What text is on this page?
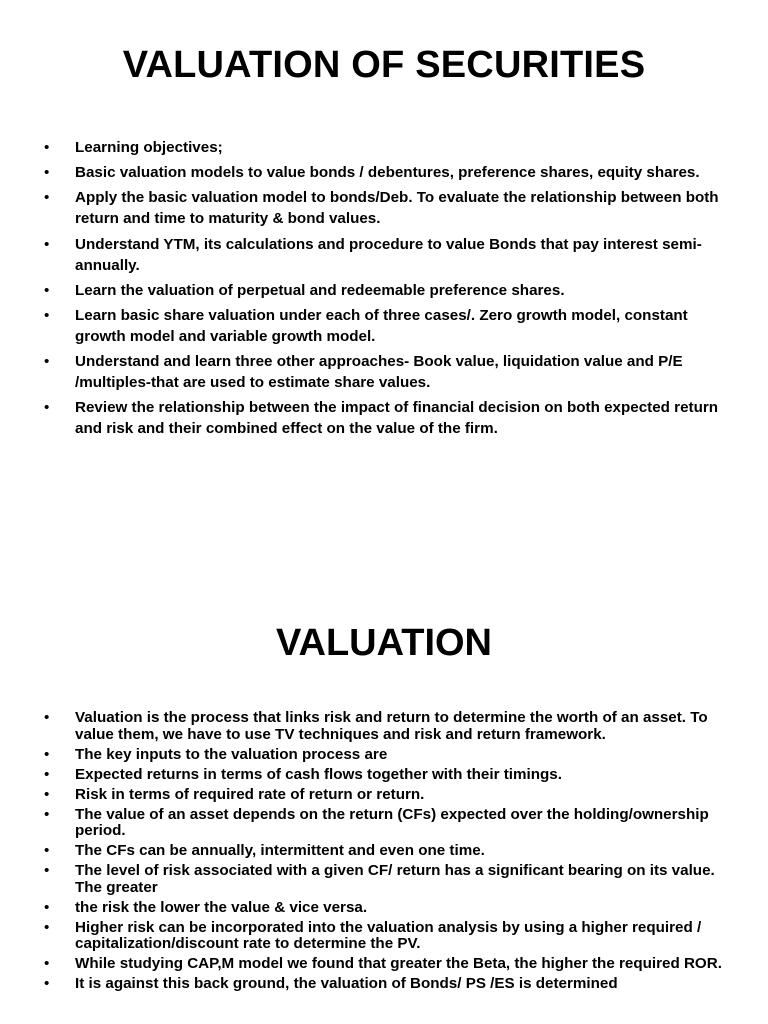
VALUATION OF SECURITIES
• Learning objectives;
• Basic valuation models to value bonds / debentures, preference shares, equity shares.
• Apply the basic valuation model to bonds/Deb. To evaluate the relationship between both return and time to maturity & bond values.
• Understand YTM, its calculations and procedure to value Bonds that pay interest semi-annually.
• Learn the valuation of perpetual and redeemable preference shares.
• Learn basic share valuation under each of three cases/. Zero growth model, constant growth model and variable growth model.
• Understand and learn three other approaches- Book value, liquidation value and P/E /multiples-that are used to estimate share values.
• Review the relationship between the impact of financial decision on both expected return and risk and their combined effect on the value of the firm.
VALUATION
• Valuation is the process that links risk and return to determine the worth of an asset. To value them, we have to use TV techniques and risk and return framework.
• The key inputs to the valuation process are
• Expected returns in terms of cash flows together with their timings.
• Risk in terms of required rate of return or return.
• The value of an asset depends on the return (CFs) expected over the holding/ownership period.
• The CFs can be annually, intermittent and even one time.
• The level of risk associated with a given CF/ return has a significant bearing on its value. The greater
• the risk the lower the value & vice versa.
• Higher risk can be incorporated into the valuation analysis by using a higher required / capitalization/discount rate to determine the PV.
• While studying CAP,M model we found that greater the Beta, the higher the required ROR.
• It is against this back ground, the valuation of Bonds/ PS /ES is determined
